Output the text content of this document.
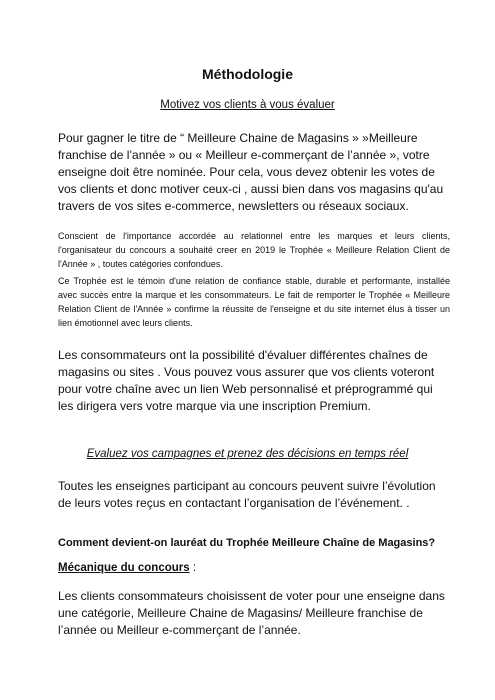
Méthodologie
Motivez vos clients à vous évaluer

Pour gagner le titre de “ Meilleure Chaine de Magasins » »Meilleure franchise de l’année » ou « Meilleur e-commerçant de l’année », votre enseigne doit être nominée. Pour cela, vous devez obtenir les votes de vos clients et donc motiver ceux-ci , aussi bien dans vos magasins qu'au travers de vos sites e-commerce, newsletters ou réseaux sociaux.

Conscient de l'importance accordée au relationnel entre les marques et leurs clients, l'organisateur du concours a souhaité creer en 2019 le Trophée « Meilleure Relation Client de l'Année » , toutes catégories confondues.

Ce Trophée est le témoin d'une relation de confiance stable, durable et performante, installée avec succès entre la marque et les consommateurs. Le fait de remporter le Trophée « Meilleure Relation Client de l'Année » confirme la réussite de l'enseigne et du site internet élus à tisser un lien émotionnel avec leurs clients.

Les consommateurs ont la possibilité d'évaluer différentes chaînes de magasins ou sites . Vous pouvez vous assurer que vos clients voteront pour votre chaîne avec un lien Web personnalisé et préprogrammé qui les dirigera vers votre marque via une inscription Premium.

Evaluez vos campagnes et prenez des décisions en temps réel

Toutes les enseignes participant au concours peuvent suivre l’évolution de leurs votes reçus en contactant l’organisation de l’événement. .

Comment devient-on lauréat du Trophée Meilleure Chaîne de Magasins?
Mécanique du concours :

Les clients consommateurs choisissent de voter pour une enseigne dans une catégorie, Meilleure Chaine de Magasins/ Meilleure franchise de l’année ou Meilleur e-commerçant de l’année.
